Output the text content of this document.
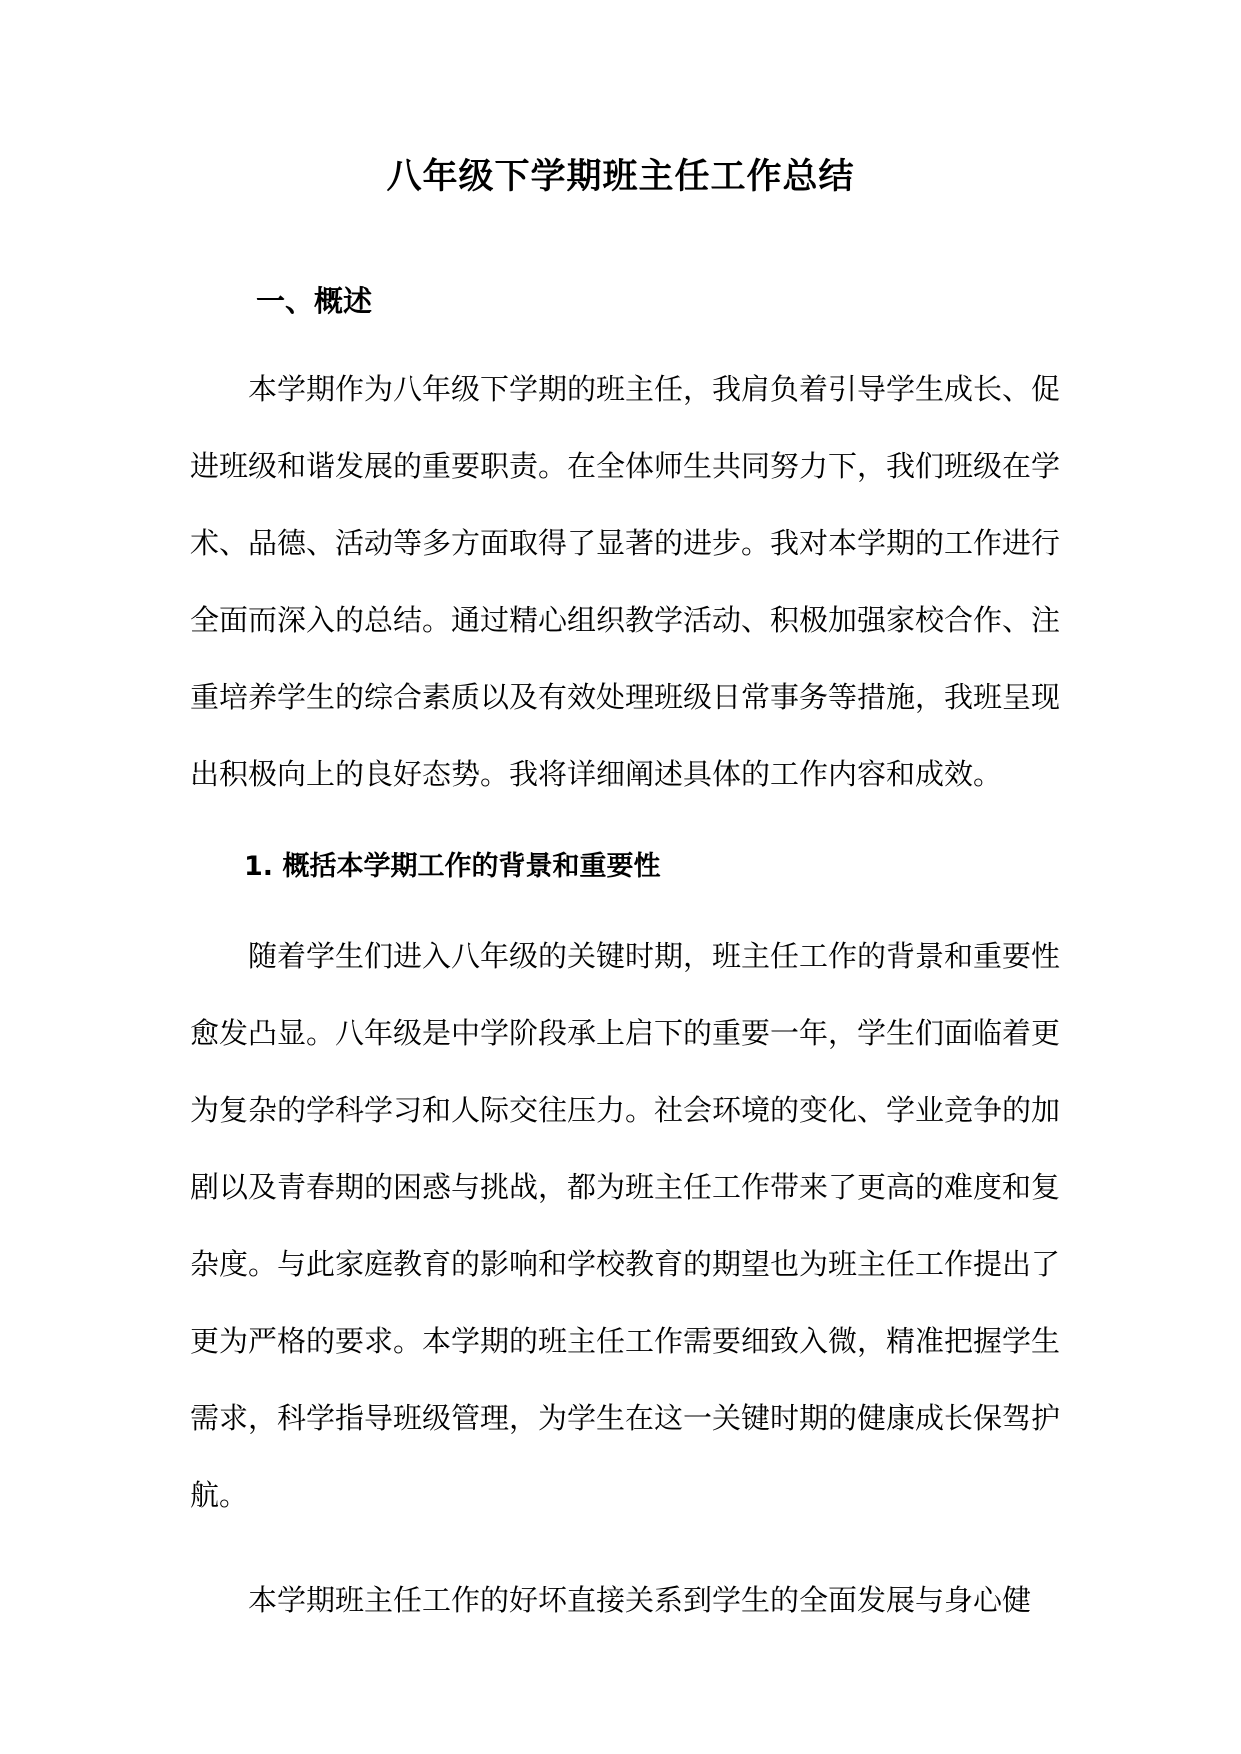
八年级下学期班主任工作总结
一、概述

本学期作为八年级下学期的班主任，我肩负着引导学生成长、促进班级和谐发展的重要职责。在全体师生共同努力下，我们班级在学术、品德、活动等多方面取得了显著的进步。我对本学期的工作进行全面而深入的总结。通过精心组织教学活动、积极加强家校合作、注重培养学生的综合素质以及有效处理班级日常事务等措施，我班呈现出积极向上的良好态势。我将详细阐述具体的工作内容和成效。

1. 概括本学期工作的背景和重要性

随着学生们进入八年级的关键时期，班主任工作的背景和重要性愈发凸显。八年级是中学阶段承上启下的重要一年，学生们面临着更为复杂的学科学习和人际交往压力。社会环境的变化、学业竞争的加剧以及青春期的困惑与挑战，都为班主任工作带来了更高的难度和复杂度。与此家庭教育的影响和学校教育的期望也为班主任工作提出了更为严格的要求。本学期的班主任工作需要细致入微，精准把握学生需求，科学指导班级管理，为学生在这一关键时期的健康成长保驾护航。

本学期班主任工作的好坏直接关系到学生的全面发展与身心健
